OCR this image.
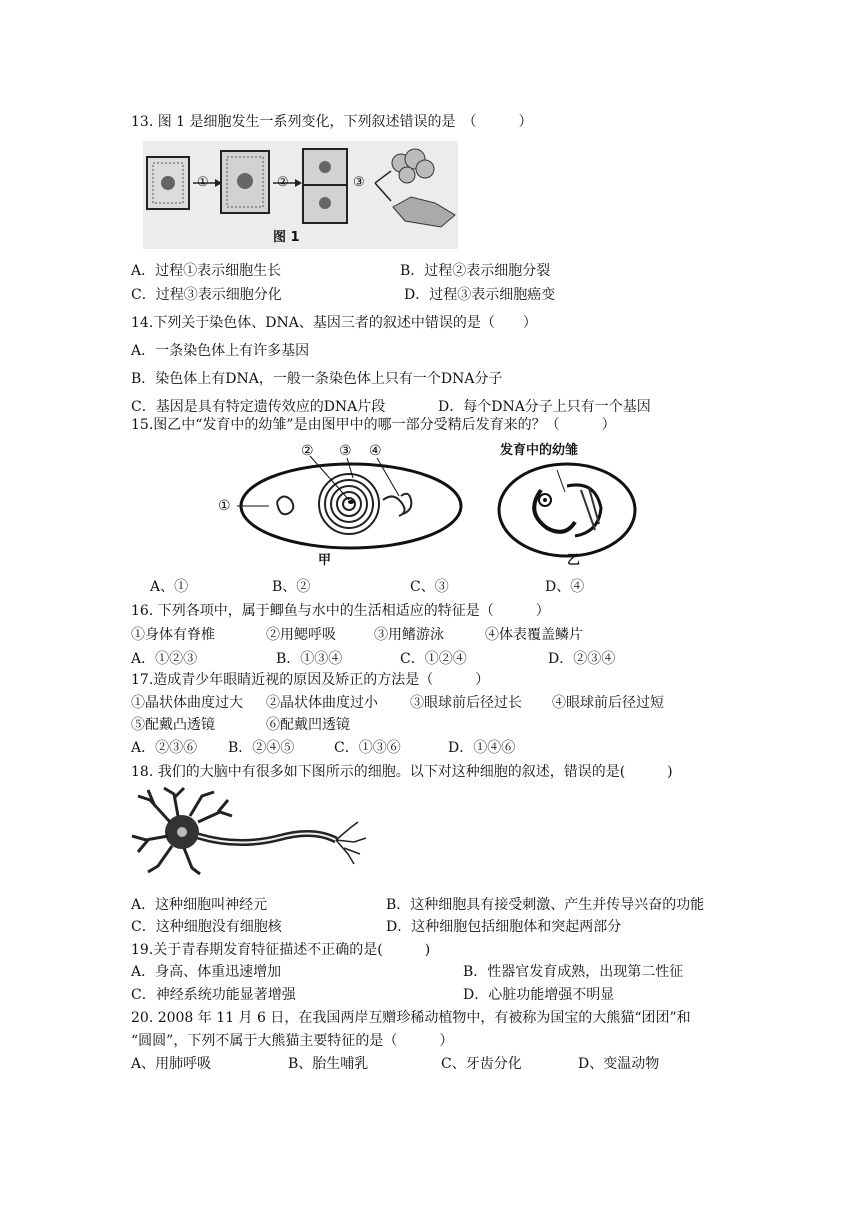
13. 图 1 是细胞发生一系列变化，下列叙述错误的是　（　　　）
①	②	③
图 1
A．过程①表示细胞生长	B．过程②表示细胞分裂
C．过程③表示细胞分化	D．过程③表示细胞癌变
14.下列关于染色体、DNA、基因三者的叙述中错误的是（　　）
A．一条染色体上有许多基因
B．染色体上有DNA，一般一条染色体上只有一个DNA分子
C．基因是具有特定遗传效应的DNA片段	D．每个DNA分子上只有一个基因
15.图乙中“发育中的幼雏”是由图甲中的哪一部分受精后发育来的？（　　　）
①
② ③ ④	发育中的幼雏
甲	乙
A、①	B、②	C、③	D、④
16. 下列各项中，属于鲫鱼与水中的生活相适应的特征是（　　　）
①身体有脊椎	②用鳃呼吸	③用鳍游泳	④体表覆盖鳞片
A．①②③	B．①③④	C．①②④	D．②③④
17.造成青少年眼睛近视的原因及矫正的方法是（　　　）
①晶状体曲度过大 ②晶状体曲度过小 ③眼球前后径过长 ④眼球前后径过短
⑤配戴凸透镜	⑥配戴凹透镜
A．②③⑥ B．②④⑤	C．①③⑥	D．①④⑥
18. 我们的大脑中有很多如下图所示的细胞。以下对这种细胞的叙述，错误的是(　　　)
A．这种细胞叫神经元	B．这种细胞具有接受刺激、产生并传导兴奋的功能
C．这种细胞没有细胞核	D．这种细胞包括细胞体和突起两部分
19.关于青春期发育特征描述不正确的是(　　　)
A．身高、体重迅速增加	B．性器官发育成熟，出现第二性征
C．神经系统功能显著增强	D．心脏功能增强不明显
20. 2008 年 11 月 6 日，在我国两岸互赠珍稀动植物中，有被称为国宝的大熊猫“团团”和
“圆圆”，下列不属于大熊猫主要特征的是（　　　）
A、用肺呼吸	B、胎生哺乳	C、牙齿分化	D、变温动物
